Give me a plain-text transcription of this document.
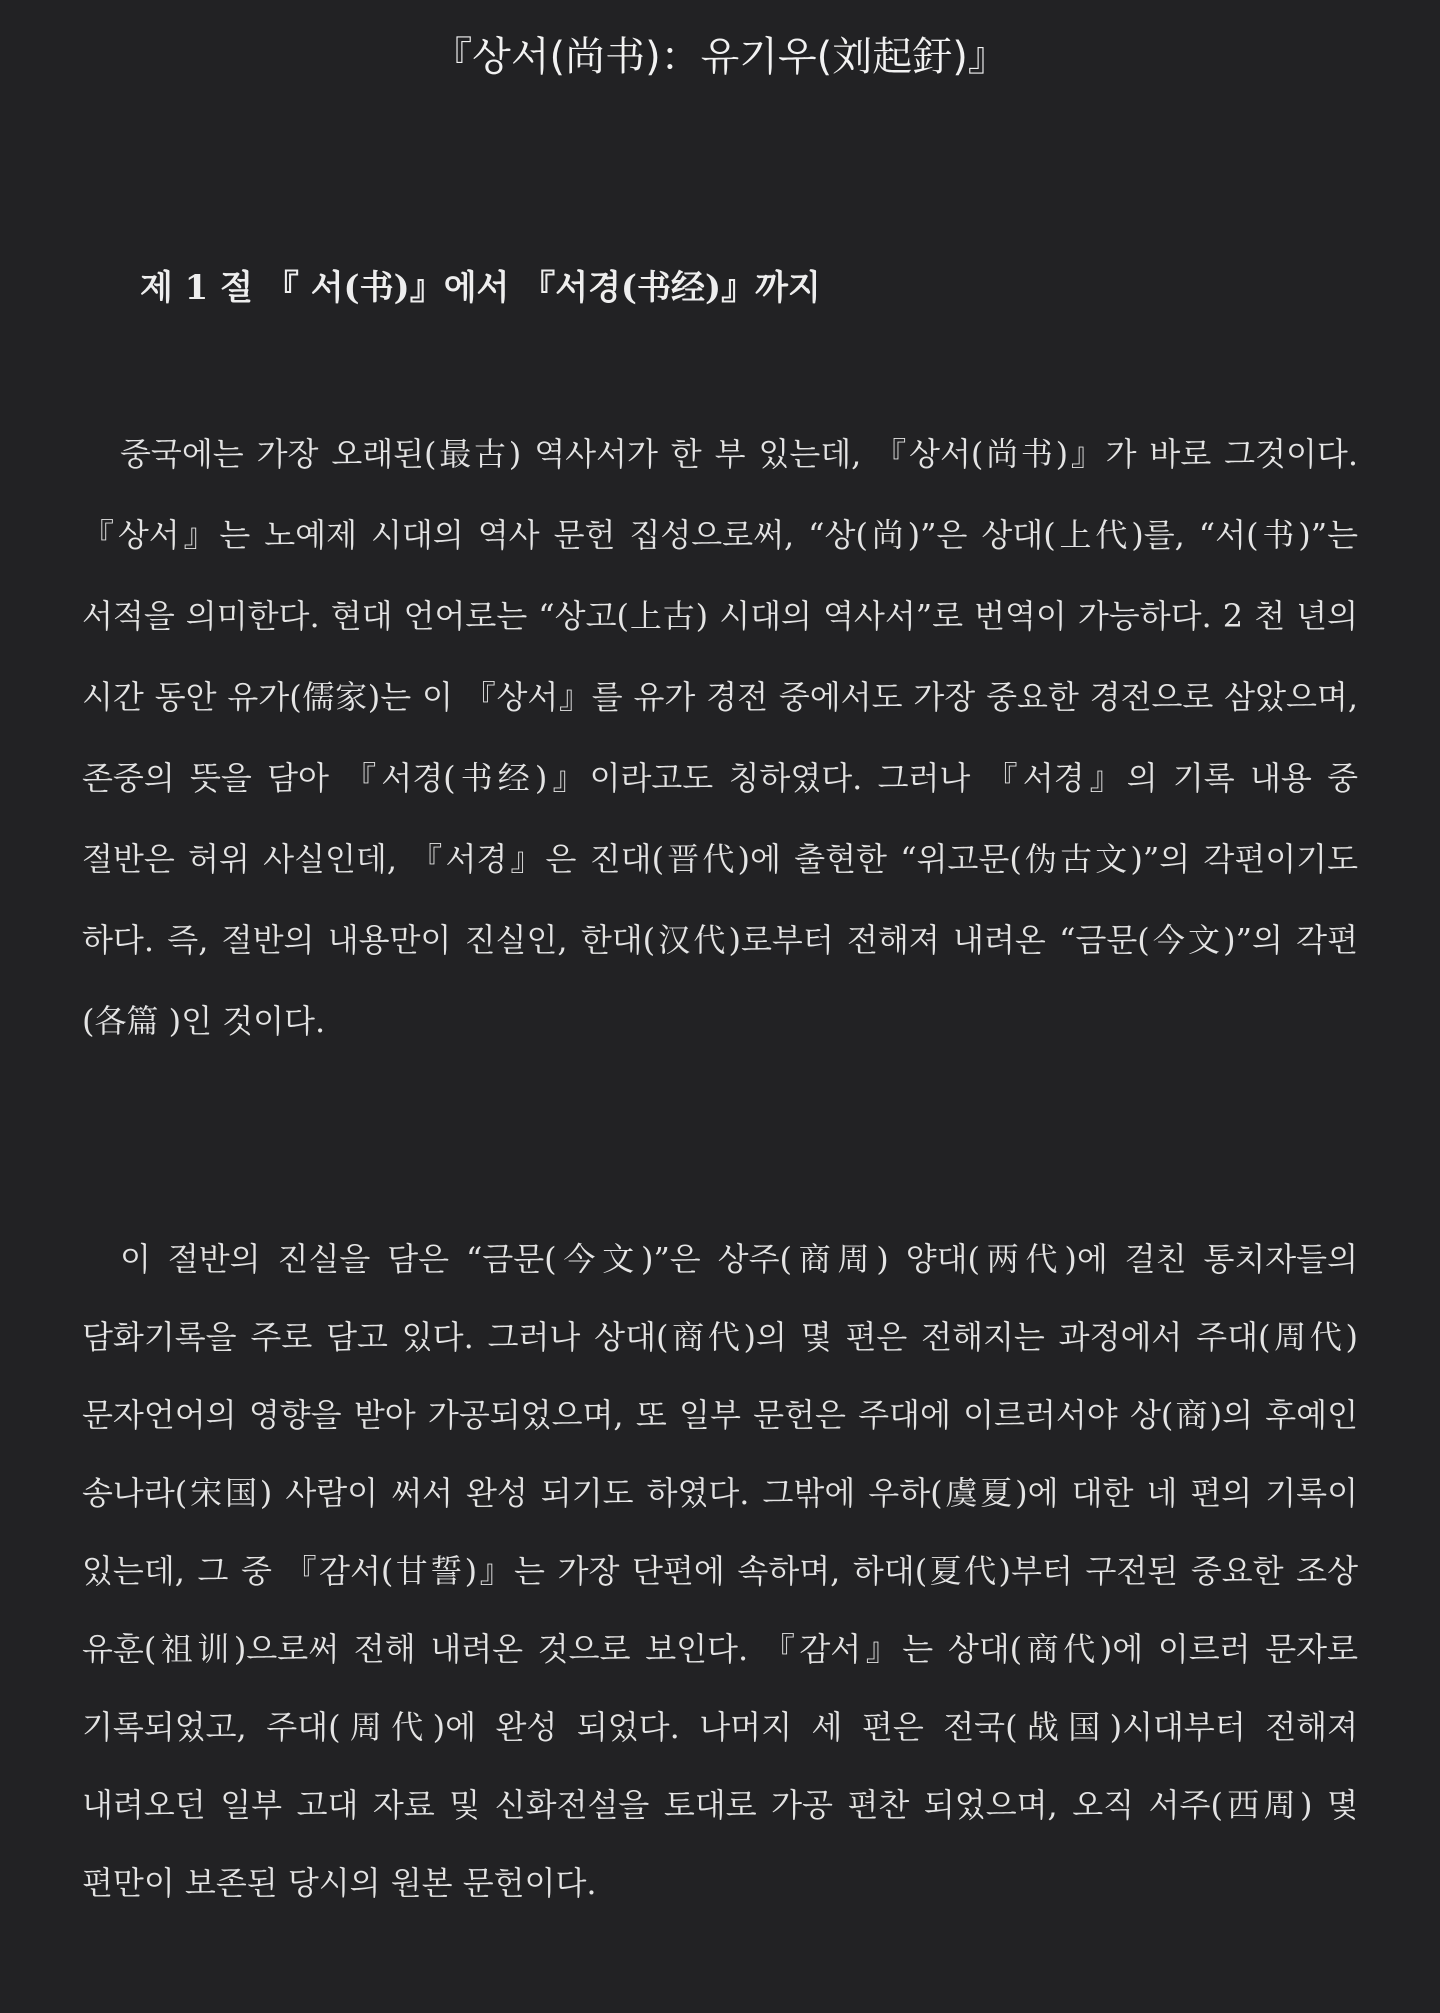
『상서(尚书)：유기우(刘起釪)』
제 1 절 『 서(书)』에서 『서경(书经)』까지

중국에는 가장 오래된(最古) 역사서가 한 부 있는데, 『상서(尚书)』가 바로 그것이다. 『상서』는 노예제 시대의 역사 문헌 집성으로써, “상(尚)”은 상대(上代)를, “서(书)”는 서적을 의미한다. 현대 언어로는 “상고(上古) 시대의 역사서”로 번역이 가능하다. 2 천 년의 시간 동안 유가(儒家)는 이 『상서』를 유가 경전 중에서도 가장 중요한 경전으로 삼았으며, 존중의 뜻을 담아 『서경(书经)』이라고도 칭하였다. 그러나 『서경』의 기록 내용 중 절반은 허위 사실인데, 『서경』은 진대(晋代)에 출현한 “위고문(伪古文)”의 각편이기도 하다. 즉, 절반의 내용만이 진실인, 한대(汉代)로부터 전해져 내려온 “금문(今文)”의 각편(各篇 )인 것이다.

이 절반의 진실을 담은 “금문(今文)”은 상주(商周) 양대(两代)에 걸친 통치자들의 담화기록을 주로 담고 있다. 그러나 상대(商代)의 몇 편은 전해지는 과정에서 주대(周代) 문자언어의 영향을 받아 가공되었으며, 또 일부 문헌은 주대에 이르러서야 상(商)의 후예인 송나라(宋国) 사람이 써서 완성 되기도 하였다. 그밖에 우하(虞夏)에 대한 네 편의 기록이 있는데, 그 중 『감서(甘誓)』는 가장 단편에 속하며, 하대(夏代)부터 구전된 중요한 조상 유훈(祖训)으로써 전해 내려온 것으로 보인다. 『감서』는 상대(商代)에 이르러 문자로 기록되었고, 주대(周代)에 완성 되었다. 나머지 세 편은 전국(战国)시대부터 전해져 내려오던 일부 고대 자료 및 신화전설을 토대로 가공 편찬 되었으며, 오직 서주(西周) 몇 편만이 보존된 당시의 원본 문헌이다.
